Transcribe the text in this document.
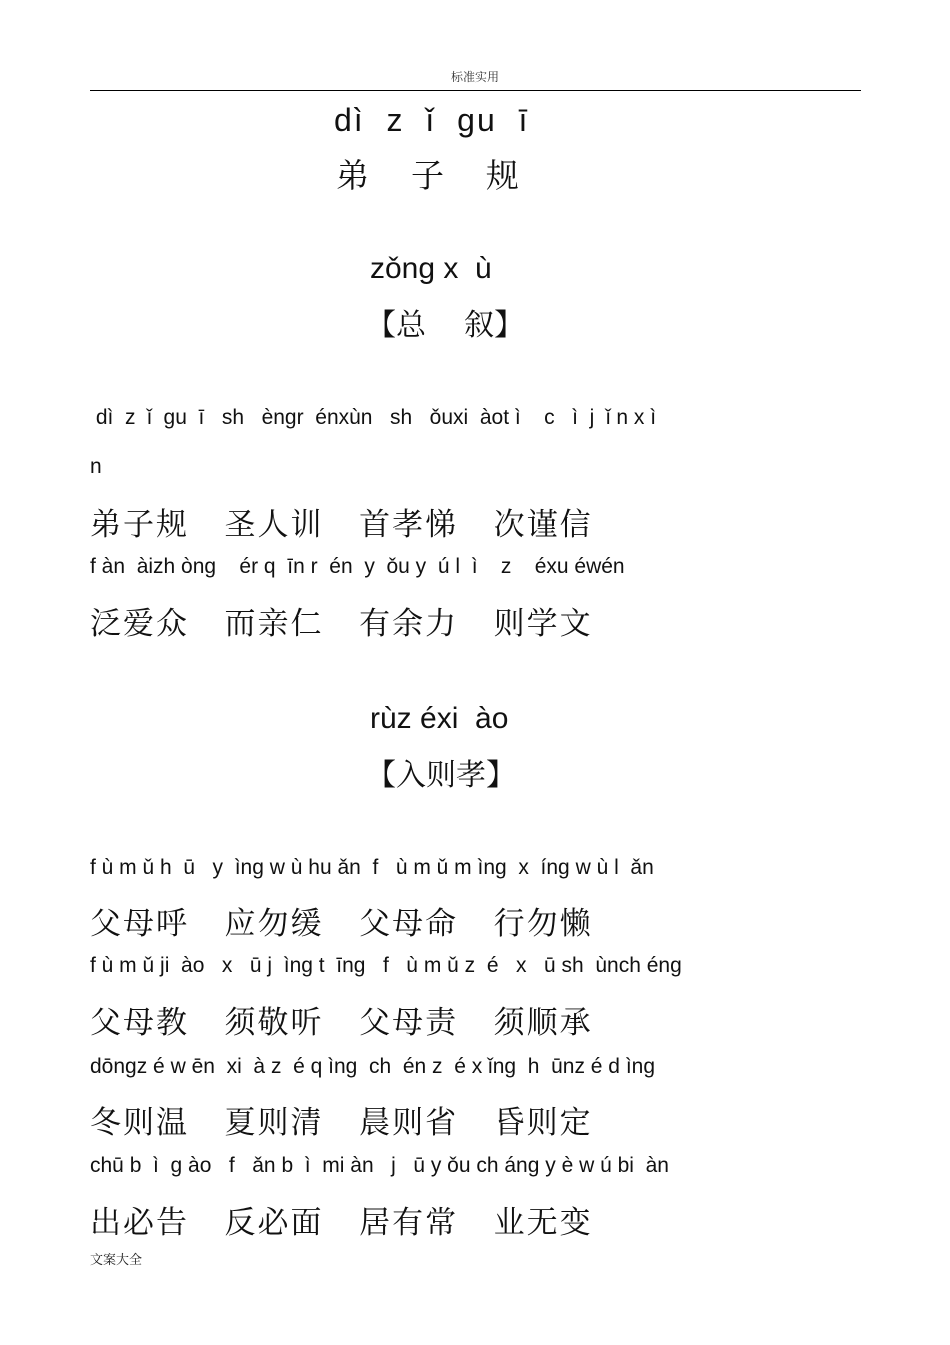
标准实用
dì  z  ǐ  gu  ī
弟    子    规
zǒng x  ù
【总    叙】
dì  z  ǐ  gu  ī   sh   èngr  énxùn   sh   ǒuxi  àot ì    c   ì  j  ǐ n x ì
n
弟子规   圣人训   首孝悌   次谨信
f àn  àizh òng    ér q  īn r  én  y  ǒu y  ú l  ì    z    éxu éwén
泛爱众   而亲仁   有余力   则学文
rùz éxi  ào
【入则孝】
f ù m ǔ h  ū   y  ìng w ù hu ǎn  f   ù m ǔ m ìng  x  íng w ù l  ǎn
父母呼   应勿缓   父母命   行勿懒
f ù m ǔ ji  ào   x   ū j  ìng t  īng   f   ù m ǔ z  é   x   ū sh  ùnch éng
父母教   须敬听   父母责   须顺承
dōngz é w ēn  xi  à z  é q ìng  ch  én z  é x ǐng  h  ūnz é d ìng
冬则温   夏则清   晨则省   昏则定
chū b  ì  g ào   f   ǎn b  ì  mi àn   j   ū y ǒu ch áng y è w ú bi  àn
出必告   反必面   居有常   业无变
文案大全
